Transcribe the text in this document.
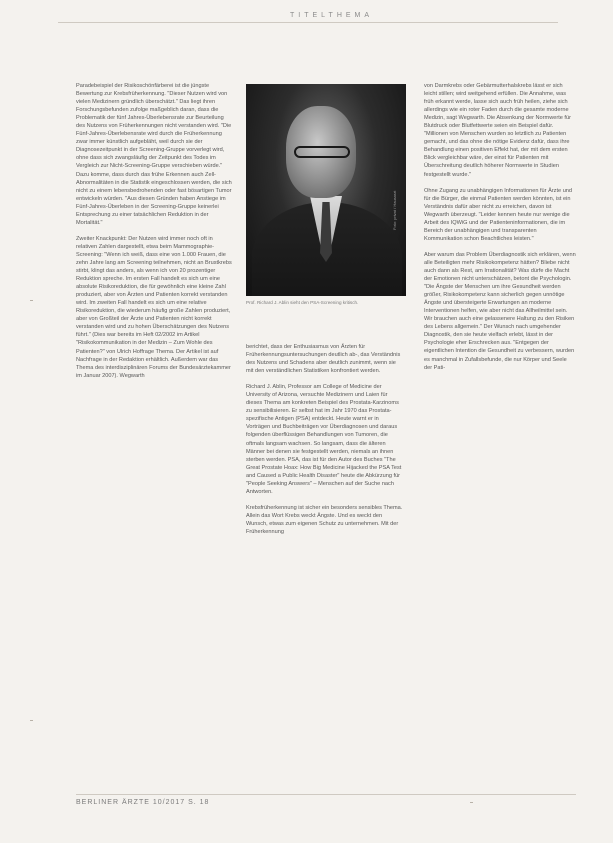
TITELTHEMA

Paradebeispiel der Risikoschönfärberei ist die jüngste Bewertung zur Krebsfrüherkennung. "Dieser Nutzen wird von vielen Medizinern gründlich überschätzt." Das liegt ihren Forschungsbefunden zufolge maßgeblich daran, dass die Problematik der fünf Jahres-Überlebensrate zur Beurteilung des Nutzens von Früherkennungen nicht verstanden wird. "Die Fünf-Jahres-Überlebensrate wird durch die Früherkennung zwar immer künstlich aufgebläht, weil durch sie der Diagnosezeitpunkt in der Screening-Gruppe vorverlegt wird, ohne dass sich zwangsläufig der Zeitpunkt des Todes im Vergleich zur Nicht-Screening-Gruppe verschieben würde." Dazu komme, dass durch das frühe Erkennen auch Zell-Abnormalitäten in die Statistik eingeschlossen werden, die sich nicht zu einem lebensbedrohenden oder fast bösartigen Tumor entwickeln würden. "Aus diesen Gründen haben Anstiege im Fünf-Jahres-Überleben in der Screening-Gruppe keinerlei Entsprechung zu einer tatsächlichen Reduktion in der Mortalität."

Zweiter Knackpunkt: Der Nutzen wird immer noch oft in relativen Zahlen dargestellt, etwa beim Mammographie-Screening: "Wenn ich weiß, dass eine von 1.000 Frauen, die zehn Jahre lang am Screening teilnehmen, nicht an Brustkrebs stirbt, klingt das anders, als wenn ich von 20 prozentiger Reduktion spreche. Im ersten Fall handelt es sich um eine absolute Risikoreduktion, die für gewöhnlich eine kleine Zahl produziert, aber von Ärzten und Patienten korrekt verstanden wird. Im zweiten Fall handelt es sich um eine relative Risikoreduktion, die wiederum häufig große Zahlen produziert, aber von Großteil der Ärzte und Patienten nicht korrekt verstanden wird und zu hohen Überschätzungen des Nutzens führt." (Dies war bereits im Heft 02/2002 im Artikel "Risikokommunikation in der Medizin – Zum Wohle des Patienten?" von Ulrich Hoffrage Thema. Der Artikel ist auf Nachfrage in der Redaktion erhältlich. Außerdem war das Thema des interdisziplinären Forums der Bundesärztekammer im Januar 2007). Wegwarth

Foto: privat / Hausarzt
Prof. Richard J. Ablin sieht den PSA-Screening kritisch.

berichtet, dass der Enthusiasmus von Ärzten für Früherkennungsuntersuchungen deutlich ab-, das Verständnis des Nutzens und Schadens aber deutlich zunimmt, wenn sie mit den verständlichen Statistiken konfrontiert werden.

Richard J. Ablin, Professor am College of Medicine der University of Arizona, versuchte Medizinern und Laien für dieses Thema am konkreten Beispiel des Prostata-Karzinoms zu sensibilisieren. Er selbst hat im Jahr 1970 das Prostata-spezifische Antigen (PSA) entdeckt. Heute warnt er in Vorträgen und Buchbeiträgen vor Überdiagnosen und daraus folgenden überflüssigen Behandlungen von Tumoren, die oftmals langsam wachsen. So langsam, dass die älteren Männer bei denen sie festgestellt werden, niemals an ihnen sterben werden. PSA, das ist für den Autor des Buches "The Great Prostate Hoax: How Big Medicine Hijacked the PSA Test and Caused a Public Health Disaster" heute die Abkürzung für "People Seeking Answers" – Menschen auf der Suche nach Antworten.

Krebsfrüherkennung ist sicher ein besonders sensibles Thema. Allein das Wort Krebs weckt Ängste. Und es weckt den Wunsch, etwas zum eigenen Schutz zu unternehmen. Mit der Früherkennung

von Darmkrebs oder Gebärmutterhalskrebs lässt er sich leicht stillen; wird weitgehend erfüllen. Die Annahme, was früh erkannt werde, lasse sich auch früh heilen, ziehe sich allerdings wie ein roter Faden durch die gesamte moderne Medizin, sagt Wegwarth. Die Absenkung der Normwerte für Blutdruck oder Blutfettwerte seien ein Beispiel dafür. "Millionen von Menschen wurden so letztlich zu Patienten gemacht, und das ohne die nötige Evidenz dafür, dass ihre Behandlung einen positiven Effekt hat, der mit dem ersten Blick vergleichbar wäre, der einst für Patienten mit Überschreitung deutlich höherer Normwerte in Studien festgestellt wurde."

Ohne Zugang zu unabhängigen Informationen für Ärzte und für die Bürger, die einmal Patienten werden könnten, ist ein Verständnis dafür aber nicht zu erreichen, davon ist Wegwarth überzeugt. "Leider kennen heute nur wenige die Arbeit des IQWiG und der Patienteninformationen, die im Bereich der unabhängigen und transparenten Kommunikation schon Beachtliches leisten."

Aber warum das Problem Überdiagnostik sich erklären, wenn alle Beteiligten mehr Risikokompetenz hätten? Bliebe nicht auch dann als Rest, am Irrationalität? Was dürfe die Macht der Emotionen nicht unterschätzen, betont die Psychologin. "Die Ängste der Menschen um ihre Gesundheit werden größer, Risikokompetenz kann sicherlich gegen unnötige Ängste und übersteigerte Erwartungen an moderne Interventionen helfen, wie aber nicht das Allheilmittel sein. Wir brauchen auch eine gelassenere Haltung zu den Risiken des Lebens allgemein." Der Wunsch nach umgehender Diagnostik, den sie heute vielfach erlebt, lässt in der Psychologie eher Erschrecken aus. "Entgegen der eigentlichen Intention die Gesundheit zu verbessern, wurden es manchmal in Zufallsbefunde, die nur Körper und Seele der Pati-

BERLINER ÄRZTE 10/2017 S. 18
